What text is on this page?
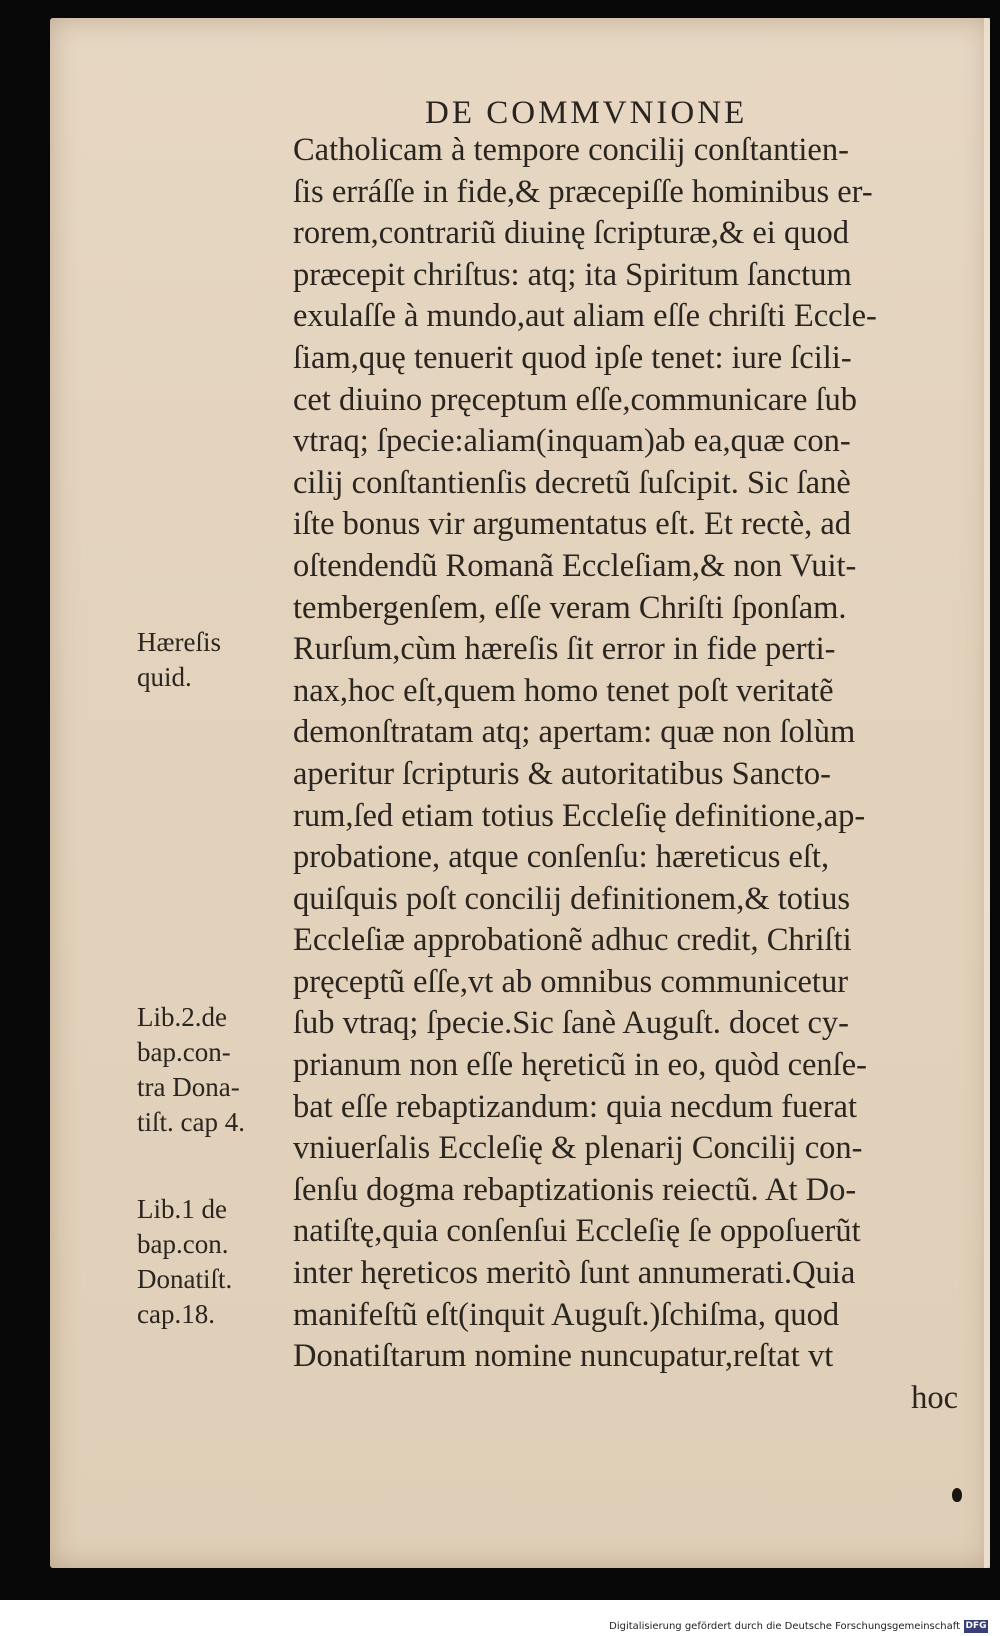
DE COMMVNIONE
Catholicam à tempore concilij conſtantien-
ſis erráſſe in fide,& præcepiſſe hominibus er-
rorem,contrariũ diuinę ſcripturæ,& ei quod
præcepit chriſtus: atq; ita Spiritum ſanctum
exulaſſe à mundo,aut aliam eſſe chriſti Eccle-
ſiam,quę tenuerit quod ipſe tenet: iure ſcili-
cet diuino pręceptum eſſe,communicare ſub
vtraq; ſpecie:aliam(inquam)ab ea,quæ con-
cilij conſtantienſis decretũ ſuſcipit. Sic ſanè
iſte bonus vir argumentatus eſt. Et rectè, ad
oſtendendũ Romanã Eccleſiam,& non Vuit-
tembergenſem, eſſe veram Chriſti ſponſam.
Rurſum,cùm hæreſis ſit error in fide perti-
nax,hoc eſt,quem homo tenet poſt veritatẽ
demonſtratam atq; apertam: quæ non ſolùm
aperitur ſcripturis & autoritatibus Sancto-
rum,ſed etiam totius Eccleſię definitione,ap-
probatione, atque conſenſu: hæreticus eſt,
quiſquis poſt concilij definitionem,& totius
Eccleſiæ approbationẽ adhuc credit, Chriſti
pręceptũ eſſe,vt ab omnibus communicetur
ſub vtraq; ſpecie.Sic ſanè Auguſt. docet cy-
prianum non eſſe hęreticũ in eo, quòd cenſe-
bat eſſe rebaptizandum: quia necdum fuerat
vniuerſalis Eccleſię & plenarij Concilij con-
ſenſu dogma rebaptizationis reiectũ. At Do-
natiſtę,quia conſenſui Eccleſię ſe oppoſuerũt
inter hęreticos meritò ſunt annumerati.Quia
manifeſtũ eſt(inquit Auguſt.)ſchiſma, quod
Donatiſtarum nomine nuncupatur,reſtat vt
hoc
Hæreſis
quid.
Lib.2.de
bap.con-
tra Dona-
tiſt. cap 4.
Lib.1 de
bap.con.
Donatiſt.
cap.18.
Digitalisierung gefördert durch die Deutsche Forschungsgemeinschaft DFG
